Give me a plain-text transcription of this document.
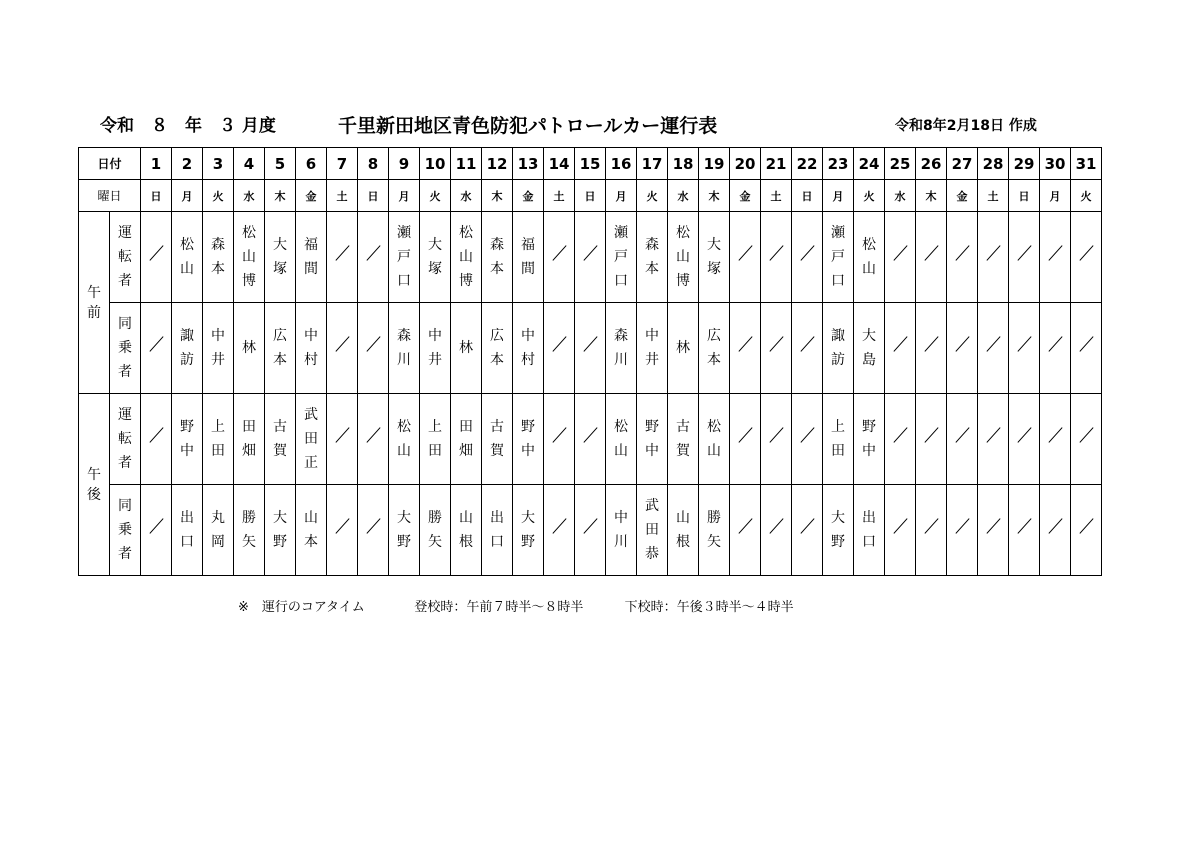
令和　８　年　３ 月度	千里新田地区青色防犯パトロールカー運行表	令和8年2月18日 作成
日付		1	2	3	4	5	6	7	8	9	10	11	12	13	14	15	16	17	18	19	20	21	22	23	24	25	26	27	28	29	30	31
曜日		日	月	火	水	木	金	土	日	月	火	水	木	金	土	日	月	火	水	木	金	土	日	月	火	水	木	金	土	日	月	火
午前	運転者		松山	森本	松山博	大塚	福間			瀬戸口	大塚	松山博	森本	福間			瀬戸口	森本	松山博	大塚				瀬戸口	松山							
	同乗者		諏訪	中井	林	広本	中村			森川	中井	林	広本	中村			森川	中井	林	広本				諏訪	大島							
午後	運転者		野中	上田	田畑	古賀	武田正			松山	上田	田畑	古賀	野中			松山	野中	古賀	松山				上田	野中							
	同乗者		出口	丸岡	勝矢	大野	山本			大野	勝矢	山根	出口	大野			中川	武田恭	山根	勝矢				大野	出口							
※　運行のコアタイム	登校時：午前７時半～８時半	下校時：午後３時半～４時半
